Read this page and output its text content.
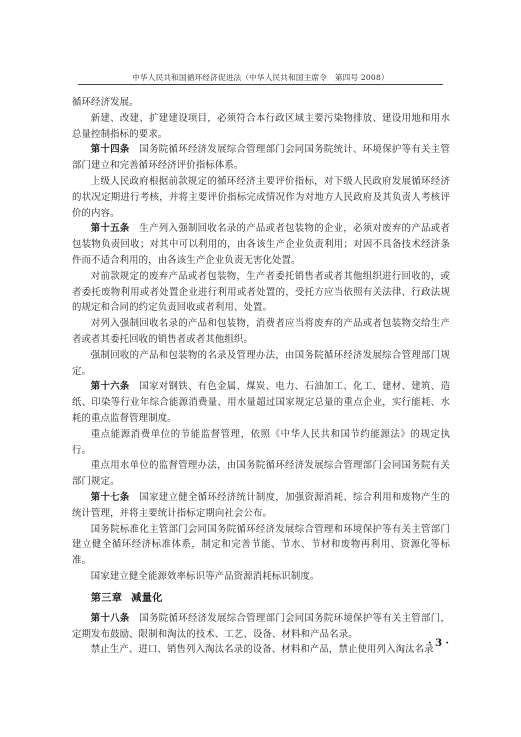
中华人民共和国循环经济促进法（中华人民共和国主席令　第四号 2008）

循环经济发展。

新建、改建、扩建建设项目，必须符合本行政区域主要污染物排放、建设用地和用水总量控制指标的要求。

第十四条　 国务院循环经济发展综合管理部门会同国务院统计、环境保护等有关主管部门建立和完善循环经济评价指标体系。

上级人民政府根据前款规定的循环经济主要评价指标，对下级人民政府发展循环经济的状况定期进行考核，并将主要评价指标完成情况作为对地方人民政府及其负责人考核评价的内容。

第十五条　 生产列入强制回收名录的产品或者包装物的企业，必须对废弃的产品或者包装物负责回收；对其中可以利用的，由各该生产企业负责利用；对因不具备技术经济条件而不适合利用的，由各该生产企业负责无害化处置。

对前款规定的废弃产品或者包装物，生产者委托销售者或者其他组织进行回收的，或者委托废物利用或者处置企业进行利用或者处置的，受托方应当依照有关法律、行政法规的规定和合同的约定负责回收或者利用、处置。

对列入强制回收名录的产品和包装物，消费者应当将废弃的产品或者包装物交给生产者或者其委托回收的销售者或者其他组织。

强制回收的产品和包装物的名录及管理办法，由国务院循环经济发展综合管理部门规定。

第十六条　 国家对钢铁、有色金属、煤炭、电力、石油加工、化工、建材、建筑、造纸、印染等行业年综合能源消费量、用水量超过国家规定总量的重点企业，实行能耗、水耗的重点监督管理制度。

重点能源消费单位的节能监督管理，依照《中华人民共和国节约能源法》的规定执行。

重点用水单位的监督管理办法，由国务院循环经济发展综合管理部门会同国务院有关部门规定。

第十七条　 国家建立健全循环经济统计制度，加强资源消耗、综合利用和废物产生的统计管理，并将主要统计指标定期向社会公布。

国务院标准化主管部门会同国务院循环经济发展综合管理和环境保护等有关主管部门建立健全循环经济标准体系，制定和完善节能、节水、节材和废物再利用、资源化等标准。

国家建立健全能源效率标识等产品资源消耗标识制度。

第三章 减量化

第十八条　 国务院循环经济发展综合管理部门会同国务院环境保护等有关主管部门，定期发布鼓励、限制和淘汰的技术、工艺、设备、材料和产品名录。

禁止生产、进口、销售列入淘汰名录的设备、材料和产品，禁止使用列入淘汰名录

· 3 ·
